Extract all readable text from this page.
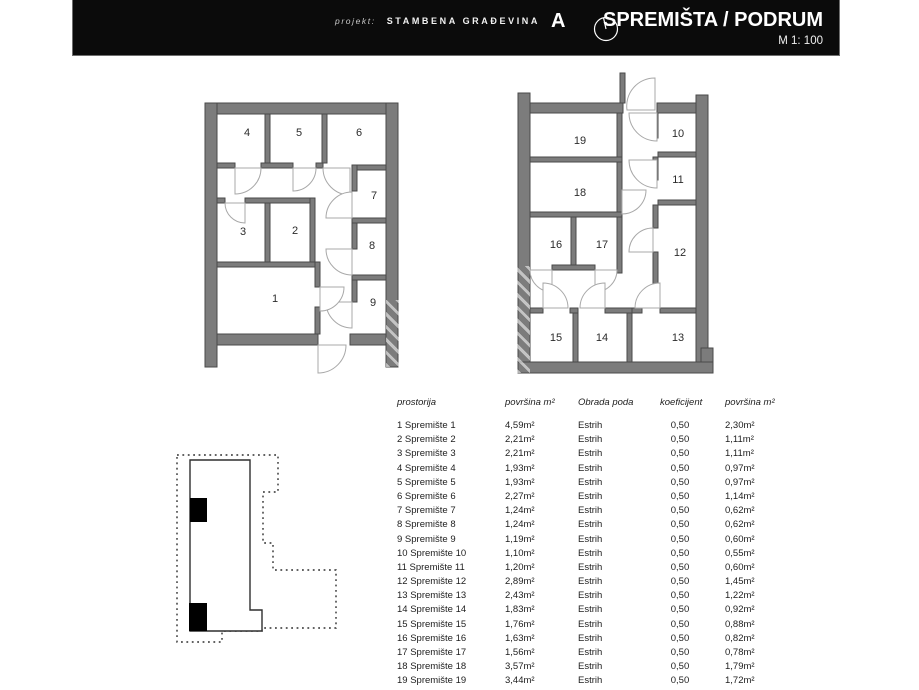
projekt: STAMBENA GRAĐEVINA A SPREMIŠTA / PODRUM
M 1: 100
4	5	6
7
3	2
8
1	9
19
10
18
11
16	17
12
15	14	13
prostorija	površina m²	Obrada poda	koeficijent	površina m²
1 Spremište 1	4,59m²	Estrih	0,50	2,30m²
2 Spremište 2	2,21m²	Estrih	0,50	1,11m²
3 Spremište 3	2,21m²	Estrih	0,50	1,11m²
4 Spremište 4	1,93m²	Estrih	0,50	0,97m²
5 Spremište 5	1,93m²	Estrih	0,50	0,97m²
6 Spremište 6	2,27m²	Estrih	0,50	1,14m²
7 Spremište 7	1,24m²	Estrih	0,50	0,62m²
8 Spremište 8	1,24m²	Estrih	0,50	0,62m²
9 Spremište 9	1,19m²	Estrih	0,50	0,60m²
10 Spremište 10	1,10m²	Estrih	0,50	0,55m²
11 Spremište 11	1,20m²	Estrih	0,50	0,60m²
12 Spremište 12	2,89m²	Estrih	0,50	1,45m²
13 Spremište 13	2,43m²	Estrih	0,50	1,22m²
14 Spremište 14	1,83m²	Estrih	0,50	0,92m²
15 Spremište 15	1,76m²	Estrih	0,50	0,88m²
16 Spremište 16	1,63m²	Estrih	0,50	0,82m²
17 Spremište 17	1,56m²	Estrih	0,50	0,78m²
18 Spremište 18	3,57m²	Estrih	0,50	1,79m²
19 Spremište 19	3,44m²	Estrih	0,50	1,72m²
